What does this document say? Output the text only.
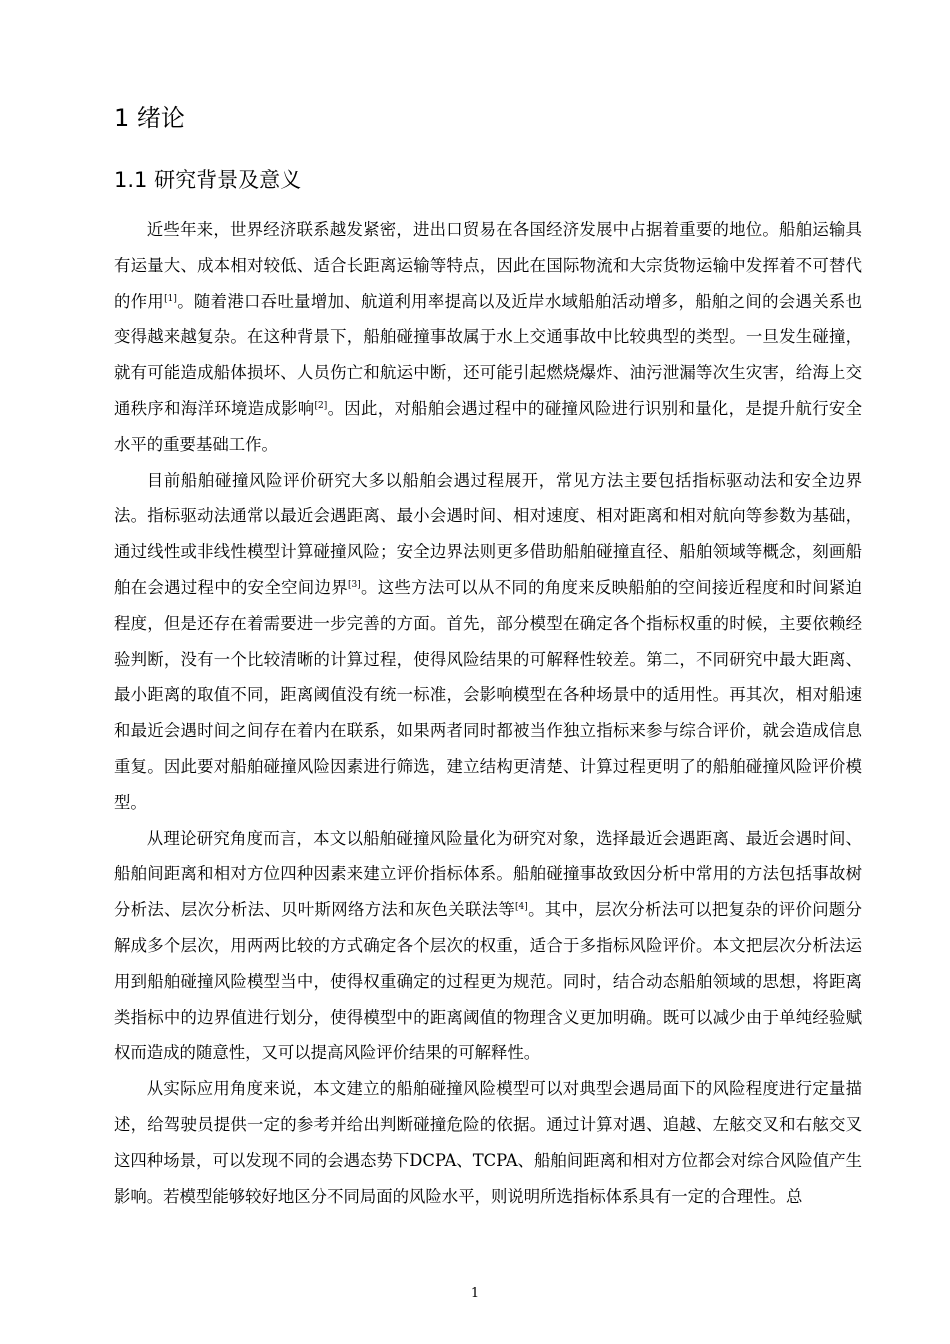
1 绪论
1.1 研究背景及意义

近些年来，世界经济联系越发紧密，进出口贸易在各国经济发展中占据着重要的地位。船舶运输具有运量大、成本相对较低、适合长距离运输等特点，因此在国际物流和大宗货物运输中发挥着不可替代的作用[1]。随着港口吞吐量增加、航道利用率提高以及近岸水域船舶活动增多，船舶之间的会遇关系也变得越来越复杂。在这种背景下，船舶碰撞事故属于水上交通事故中比较典型的类型。一旦发生碰撞，就有可能造成船体损坏、人员伤亡和航运中断，还可能引起燃烧爆炸、油污泄漏等次生灾害，给海上交通秩序和海洋环境造成影响[2]。因此，对船舶会遇过程中的碰撞风险进行识别和量化，是提升航行安全水平的重要基础工作。

目前船舶碰撞风险评价研究大多以船舶会遇过程展开，常见方法主要包括指标驱动法和安全边界法。指标驱动法通常以最近会遇距离、最小会遇时间、相对速度、相对距离和相对航向等参数为基础，通过线性或非线性模型计算碰撞风险；安全边界法则更多借助船舶碰撞直径、船舶领域等概念，刻画船舶在会遇过程中的安全空间边界[3]。这些方法可以从不同的角度来反映船舶的空间接近程度和时间紧迫程度，但是还存在着需要进一步完善的方面。首先，部分模型在确定各个指标权重的时候，主要依赖经验判断，没有一个比较清晰的计算过程，使得风险结果的可解释性较差。第二，不同研究中最大距离、最小距离的取值不同，距离阈值没有统一标准，会影响模型在各种场景中的适用性。再其次，相对船速和最近会遇时间之间存在着内在联系，如果两者同时都被当作独立指标来参与综合评价，就会造成信息重复。因此要对船舶碰撞风险因素进行筛选，建立结构更清楚、计算过程更明了的船舶碰撞风险评价模型。

从理论研究角度而言，本文以船舶碰撞风险量化为研究对象，选择最近会遇距离、最近会遇时间、船舶间距离和相对方位四种因素来建立评价指标体系。船舶碰撞事故致因分析中常用的方法包括事故树分析法、层次分析法、贝叶斯网络方法和灰色关联法等[4]。其中，层次分析法可以把复杂的评价问题分解成多个层次，用两两比较的方式确定各个层次的权重，适合于多指标风险评价。本文把层次分析法运用到船舶碰撞风险模型当中，使得权重确定的过程更为规范。同时，结合动态船舶领域的思想，将距离类指标中的边界值进行划分，使得模型中的距离阈值的物理含义更加明确。既可以减少由于单纯经验赋权而造成的随意性，又可以提高风险评价结果的可解释性。

从实际应用角度来说，本文建立的船舶碰撞风险模型可以对典型会遇局面下的风险程度进行定量描述，给驾驶员提供一定的参考并给出判断碰撞危险的依据。通过计算对遇、追越、左舷交叉和右舷交叉这四种场景，可以发现不同的会遇态势下DCPA、TCPA、船舶间距离和相对方位都会对综合风险值产生影响。若模型能够较好地区分不同局面的风险水平，则说明所选指标体系具有一定的合理性。总

1
